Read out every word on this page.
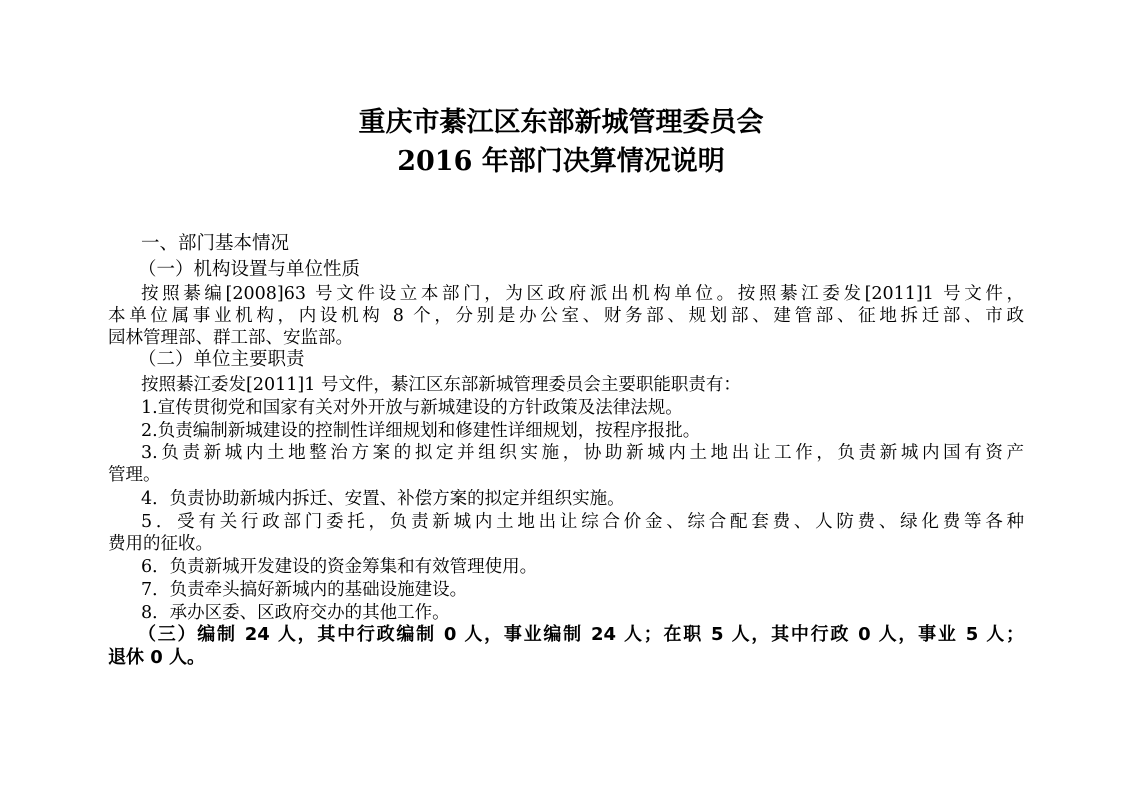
重庆市綦江区东部新城管理委员会
2016 年部门决算情况说明
一、部门基本情况
（一）机构设置与单位性质
按照綦编[2008]63 号文件设立本部门，为区政府派出机构单位。按照綦江委发[2011]1 号文件，
本单位属事业机构，内设机构 8 个，分别是办公室、财务部、规划部、建管部、征地拆迁部、市政
园林管理部、群工部、安监部。
（二）单位主要职责
按照綦江委发[2011]1 号文件，綦江区东部新城管理委员会主要职能职责有：
1.宣传贯彻党和国家有关对外开放与新城建设的方针政策及法律法规。
2.负责编制新城建设的控制性详细规划和修建性详细规划，按程序报批。
3.负责新城内土地整治方案的拟定并组织实施，协助新城内土地出让工作，负责新城内国有资产
管理。
4．负责协助新城内拆迁、安置、补偿方案的拟定并组织实施。
5．受有关行政部门委托，负责新城内土地出让综合价金、综合配套费、人防费、绿化费等各种
费用的征收。
6．负责新城开发建设的资金筹集和有效管理使用。
7．负责牵头搞好新城内的基础设施建设。
8．承办区委、区政府交办的其他工作。
（三）编制 24 人，其中行政编制 0 人，事业编制 24 人；在职 5 人，其中行政 0 人，事业 5 人；
退休 0 人。
